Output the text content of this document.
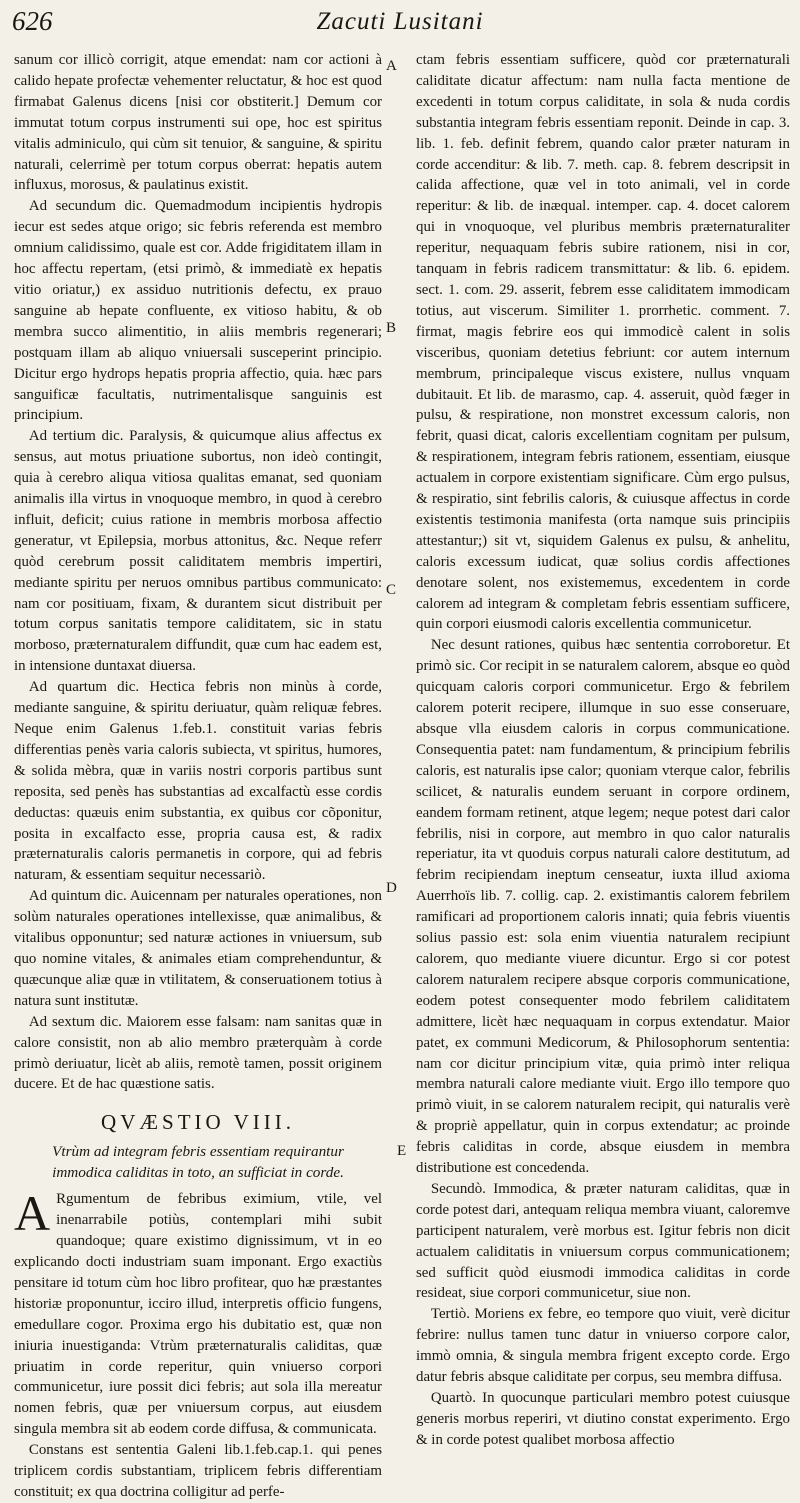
626	Zacuti Lusitani
A
B
C
D
E

sanum cor illicò corrigit, atque emendat: nam cor actioni à calido hepate profectæ vehementer reluctatur, & hoc est quod firmabat Galenus dicens [nisi cor obstiterit.] Demum cor immutat totum corpus instrumenti sui ope, hoc est spiritus vitalis adminiculo, qui cùm sit tenuior, & sanguine, & spiritu naturali, celerrimè per totum corpus oberrat: hepatis autem influxus, morosus, & paulatinus existit.

Ad secundum dic. Quemadmodum incipientis hydropis iecur est sedes atque origo; sic febris referenda est membro omnium calidissimo, quale est cor. Adde frigiditatem illam in hoc affectu repertam, (etsi primò, & immediatè ex hepatis vitio oriatur,) ex assiduo nutritionis defectu, ex prauo sanguine ab hepate confluente, ex vitioso habitu, & ob membra succo alimentitio, in aliis membris regenerari; postquam illam ab aliquo vniuersali susceperint principio. Dicitur ergo hydrops hepatis propria affectio, quia. hæc pars sanguificæ facultatis, nutrimentalisque sanguinis est principium.

Ad tertium dic. Paralysis, & quicumque alius affectus ex sensus, aut motus priuatione subortus, non ideò contingit, quia à cerebro aliqua vitiosa qualitas emanat, sed quoniam animalis illa virtus in vnoquoque membro, in quod à cerebro influit, deficit; cuius ratione in membris morbosa affectio generatur, vt Epilepsia, morbus attonitus, &c. Neque referr quòd cerebrum possit caliditatem membris impertiri, mediante spiritu per neruos omnibus partibus communicato: nam cor positiuam, fixam, & durantem sicut distribuit per totum corpus sanitatis tempore caliditatem, sic in statu morboso, præternaturalem diffundit, quæ cum hac eadem est, in intensione duntaxat diuersa.

Ad quartum dic. Hectica febris non minùs à corde, mediante sanguine, & spiritu deriuatur, quàm reliquæ febres. Neque enim Galenus 1.feb.1. constituit varias febris differentias penès varia caloris subiecta, vt spiritus, humores, & solida mèbra, quæ in variis nostri corporis partibus sunt reposita, sed penès has substantias ad excalfactù esse cordis deductas: quæuis enim substantia, ex quibus cor cõponitur, posita in excalfacto esse, propria causa est, & radix præternaturalis caloris permanetis in corpore, qui ad febris naturam, & essentiam sequitur necessariò.

Ad quintum dic. Auicennam per naturales operationes, non solùm naturales operationes intellexisse, quæ animalibus, & vitalibus opponuntur; sed naturæ actiones in vniuersum, sub quo nomine vitales, & animales etiam comprehenduntur, & quæcunque aliæ quæ in vtilitatem, & conseruationem totius à natura sunt institutæ.

Ad sextum dic. Maiorem esse falsam: nam sanitas quæ in calore consistit, non ab alio membro præterquàm à corde primò deriuatur, licèt ab aliis, remotè tamen, possit originem ducere. Et de hac quæstione satis.

QVÆSTIO VIII.
Vtrùm ad integram febris essentiam requirantur immodica caliditas in toto, an sufficiat in corde.

A Rgumentum de febribus eximium, vtile, vel inenarrabile potiùs, contemplari mihi subit quandoque; quare existimo dignissimum, vt in eo explicando docti industriam suam imponant. Ergo exactiùs pensitare id totum cùm hoc libro profitear, quo hæ præstantes historiæ proponuntur, icciro illud, interpretis officio fungens, emedullare cogor. Proxima ergo his dubitatio est, quæ non iniuria inuestiganda: Vtrùm præternaturalis caliditas, quæ priuatim in corde reperitur, quin vniuerso corpori communicetur, iure possit dici febris; aut sola illa mereatur nomen febris, quæ per vniuersum corpus, aut eiusdem singula membra sit ab eodem corde diffusa, & communicata.

Constans est sententia Galeni lib.1.feb.cap.1. qui penes triplicem cordis substantiam, triplicem febris differentiam constituit; ex qua doctrina colligitur ad perfe-

ctam febris essentiam sufficere, quòd cor præternaturali caliditate dicatur affectum: nam nulla facta mentione de excedenti in totum corpus caliditate, in sola & nuda cordis substantia integram febris essentiam reponit. Deinde in cap. 3. lib. 1. feb. definit febrem, quando calor præter naturam in corde accenditur: & lib. 7. meth. cap. 8. febrem descripsit in calida affectione, quæ vel in toto animali, vel in corde reperitur: & lib. de inæqual. intemper. cap. 4. docet calorem qui in vnoquoque, vel pluribus membris præternaturaliter reperitur, nequaquam febris subire rationem, nisi in cor, tanquam in febris radicem transmittatur: & lib. 6. epidem. sect. 1. com. 29. asserit, febrem esse caliditatem immodicam totius, aut viscerum. Similiter 1. prorrhetic. comment. 7. firmat, magis febrire eos qui immodicè calent in solis visceribus, quoniam detetius febriunt: cor autem internum membrum, principaleque viscus existere, nullus vnquam dubitauit. Et lib. de marasmo, cap. 4. asseruit, quòd fæger in pulsu, & respiratione, non monstret excessum caloris, non febrit, quasi dicat, caloris excellentiam cognitam per pulsum, & respirationem, integram febris rationem, essentiam, eiusque actualem in corpore existentiam significare. Cùm ergo pulsus, & respiratio, sint febrilis caloris, & cuiusque affectus in corde existentis testimonia manifesta (orta namque suis principiis attestantur;) sit vt, siquidem Galenus ex pulsu, & anhelitu, caloris excessum iudicat, quæ solius cordis affectiones denotare solent, nos existememus, excedentem in corde calorem ad integram & completam febris essentiam sufficere, quin corpori eiusmodi caloris excellentia communicetur.

Nec desunt rationes, quibus hæc sententia corroboretur. Et primò sic. Cor recipit in se naturalem calorem, absque eo quòd quicquam caloris corpori communicetur. Ergo & febrilem calorem poterit recipere, illumque in suo esse conseruare, absque vlla eiusdem caloris in corpus communicatione. Consequentia patet: nam fundamentum, & principium febrilis caloris, est naturalis ipse calor; quoniam vterque calor, febrilis scilicet, & naturalis eundem seruant in corpore ordinem, eandem formam retinent, atque legem; neque potest dari calor febrilis, nisi in corpore, aut membro in quo calor naturalis reperiatur, ita vt quoduis corpus naturali calore destitutum, ad febrim recipiendam ineptum censeatur, iuxta illud axioma Auerrhoïs lib. 7. collig. cap. 2. existimantis calorem febrilem ramificari ad proportionem caloris innati; quia febris viuentis solius passio est: sola enim viuentia naturalem recipiunt calorem, quo mediante viuere dicuntur. Ergo si cor potest calorem naturalem recipere absque corporis communicatione, eodem potest consequenter modo febrilem caliditatem admittere, licèt hæc nequaquam in corpus extendatur. Maior patet, ex communi Medicorum, & Philosophorum sententia: nam cor dicitur principium vitæ, quia primò inter reliqua membra naturali calore mediante viuit. Ergo illo tempore quo primò viuit, in se calorem naturalem recipit, qui naturalis verè & propriè appellatur, quin in corpus extendatur; ac proinde febris caliditas in corde, absque eiusdem in membra distributione est concedenda.

Secundò. Immodica, & præter naturam caliditas, quæ in corde potest dari, antequam reliqua membra viuant, caloremve participent naturalem, verè morbus est. Igitur febris non dicit actualem caliditatis in vniuersum corpus communicationem; sed sufficit quòd eiusmodi immodica caliditas in corde resideat, siue corpori communicetur, siue non.

Tertiò. Moriens ex febre, eo tempore quo viuit, verè dicitur febrire: nullus tamen tunc datur in vniuerso corpore calor, immò omnia, & singula membra frigent excepto corde. Ergo datur febris absque caliditate per corpus, seu membra diffusa.

Quartò. In quocunque particulari membro potest cuiusque generis morbus reperiri, vt diutino constat experimento. Ergo & in corde potest qualibet morbosa affectio
